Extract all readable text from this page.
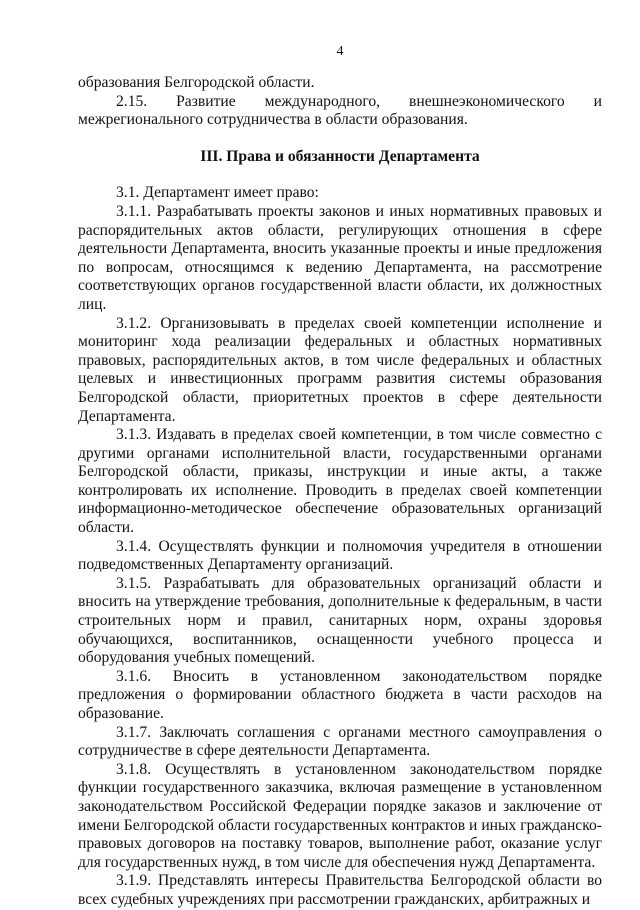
4

образования Белгородской области.

2.15. Развитие международного, внешнеэкономического и межрегионального сотрудничества в области образования.

III. Права и обязанности Департамента

3.1. Департамент имеет право:

3.1.1. Разрабатывать проекты законов и иных нормативных правовых и распорядительных актов области, регулирующих отношения в сфере деятельности Департамента, вносить указанные проекты и иные предложения по вопросам, относящимся к ведению Департамента, на рассмотрение соответствующих органов государственной власти области, их должностных лиц.

3.1.2. Организовывать в пределах своей компетенции исполнение и мониторинг хода реализации федеральных и областных нормативных правовых, распорядительных актов, в том числе федеральных и областных целевых и инвестиционных программ развития системы образования Белгородской области, приоритетных проектов в сфере деятельности Департамента.

3.1.3. Издавать в пределах своей компетенции, в том числе совместно с другими органами исполнительной власти, государственными органами Белгородской области, приказы, инструкции и иные акты, а также контролировать их исполнение. Проводить в пределах своей компетенции информационно-методическое обеспечение образовательных организаций области.

3.1.4. Осуществлять функции и полномочия учредителя в отношении подведомственных Департаменту организаций.

3.1.5. Разрабатывать для образовательных организаций области и вносить на утверждение требования, дополнительные к федеральным, в части строительных норм и правил, санитарных норм, охраны здоровья обучающихся, воспитанников, оснащенности учебного процесса и оборудования учебных помещений.

3.1.6. Вносить в установленном законодательством порядке предложения о формировании областного бюджета в части расходов на образование.

3.1.7. Заключать соглашения с органами местного самоуправления о сотрудничестве в сфере деятельности Департамента.

3.1.8. Осуществлять в установленном законодательством порядке функции государственного заказчика, включая размещение в установленном законодательством Российской Федерации порядке заказов и заключение от имени Белгородской области государственных контрактов и иных гражданско-правовых договоров на поставку товаров, выполнение работ, оказание услуг для государственных нужд, в том числе для обеспечения нужд Департамента.

3.1.9. Представлять интересы Правительства Белгородской области во всех судебных учреждениях при рассмотрении гражданских, арбитражных и
